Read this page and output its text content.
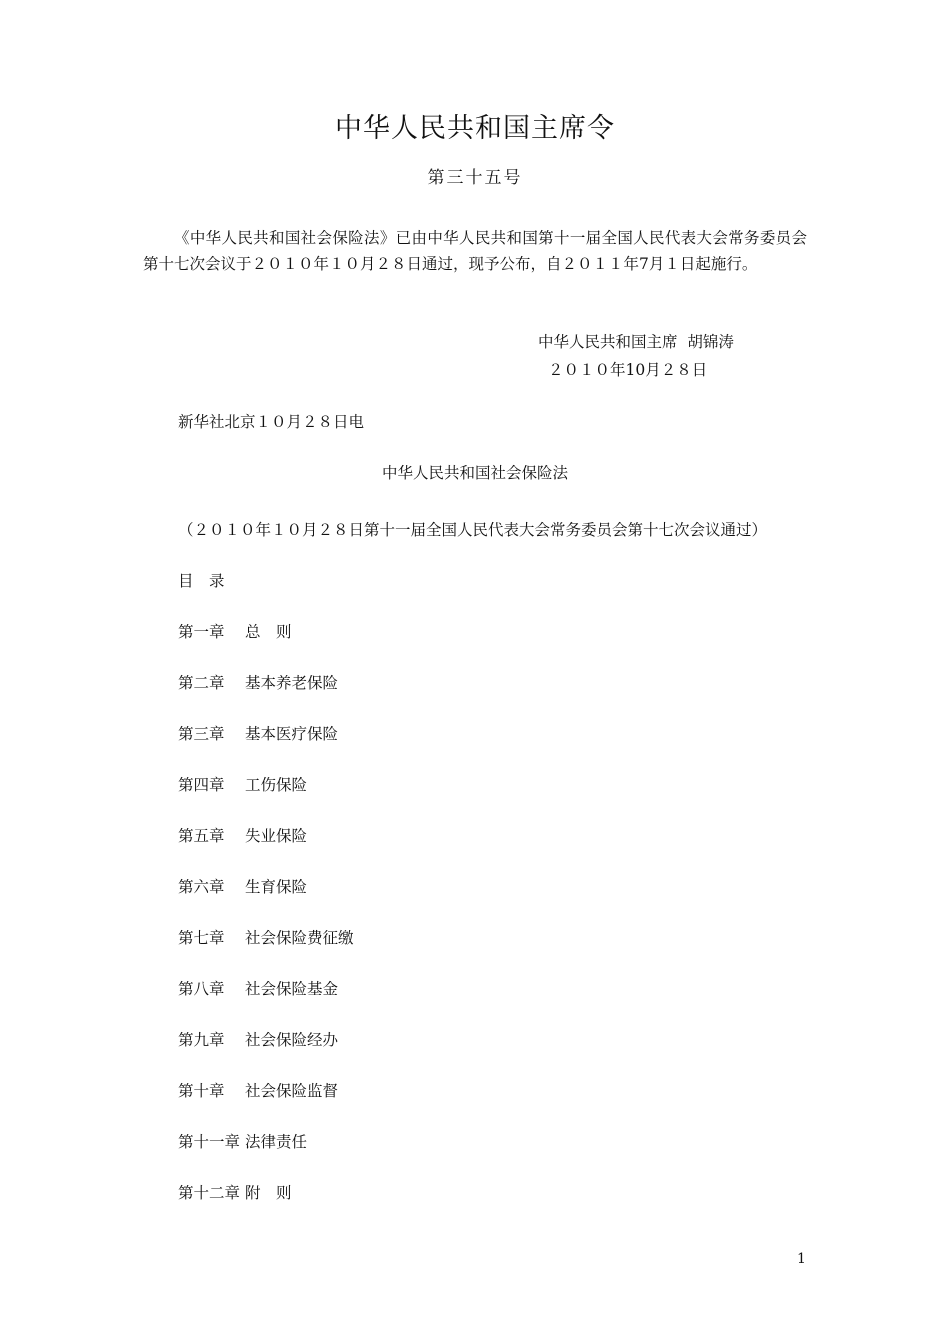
中华人民共和国主席令
第三十五号
《中华人民共和国社会保险法》已由中华人民共和国第十一届全国人民代表大会常务委员会第十七次会议于２０１０年１０月２８日通过，现予公布，自２０１１年7月１日起施行。
中华人民共和国主席  胡锦涛
２０１０年10月２８日
新华社北京１０月２８日电
中华人民共和国社会保险法
（２０１０年１０月２８日第十一届全国人民代表大会常务委员会第十七次会议通过）
目　录
第一章 总　则
第二章 基本养老保险
第三章 基本医疗保险
第四章 工伤保险
第五章 失业保险
第六章 生育保险
第七章 社会保险费征缴
第八章 社会保险基金
第九章 社会保险经办
第十章 社会保险监督
第十一章 法律责任
第十二章 附　则
1
